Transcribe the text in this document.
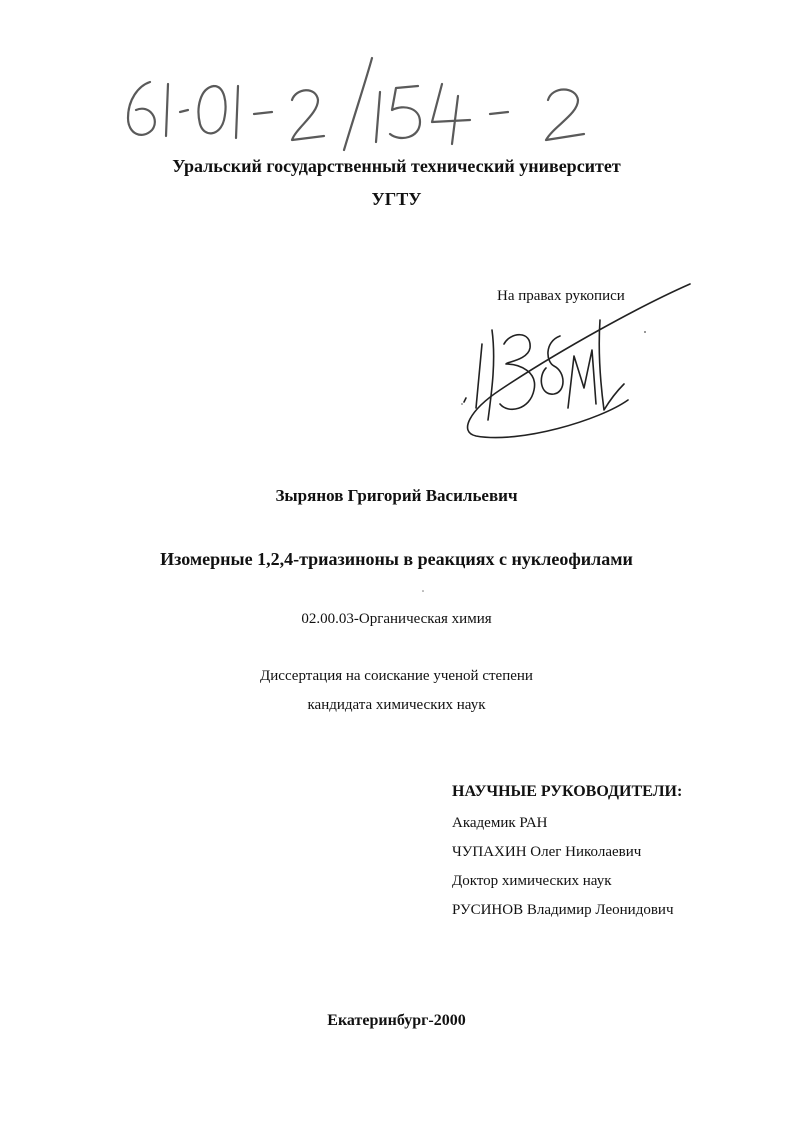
Уральский государственный технический университет
УГТУ
На правах рукописи
Зырянов Григорий Васильевич
Изомерные 1,2,4-триазиноны в реакциях с нуклеофилами
02.00.03-Органическая химия
Диссертация на соискание ученой степени
кандидата химических наук
НАУЧНЫЕ РУКОВОДИТЕЛИ:
Академик РАН
ЧУПАХИН Олег Николаевич
Доктор химических наук
РУСИНОВ Владимир Леонидович
Екатеринбург-2000
